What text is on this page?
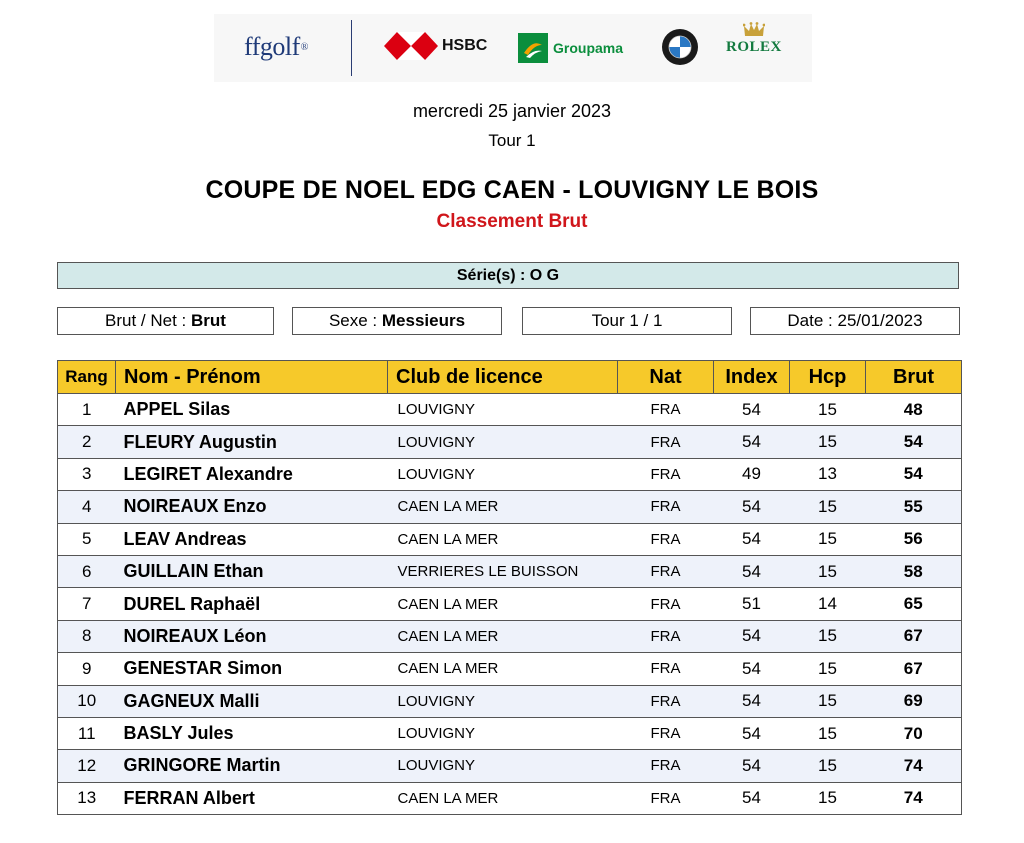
ffgolf ®	HSBC	Groupama	ROLEX
mercredi 25 janvier 2023
Tour 1
COUPE DE NOEL EDG CAEN - LOUVIGNY LE BOIS
Classement Brut
Série(s) : O G
Brut / Net : Brut	Sexe : Messieurs	Tour 1 / 1	Date : 25/01/2023
Rang	Nom - Prénom	Club de licence	Nat	Index	Hcp	Brut
1	APPEL Silas	LOUVIGNY	FRA	54	15	48
2	FLEURY Augustin	LOUVIGNY	FRA	54	15	54
3	LEGIRET Alexandre	LOUVIGNY	FRA	49	13	54
4	NOIREAUX Enzo	CAEN LA MER	FRA	54	15	55
5	LEAV Andreas	CAEN LA MER	FRA	54	15	56
6	GUILLAIN Ethan	VERRIERES LE BUISSON	FRA	54	15	58
7	DUREL Raphaël	CAEN LA MER	FRA	51	14	65
8	NOIREAUX Léon	CAEN LA MER	FRA	54	15	67
9	GENESTAR Simon	CAEN LA MER	FRA	54	15	67
10	GAGNEUX Malli	LOUVIGNY	FRA	54	15	69
11	BASLY Jules	LOUVIGNY	FRA	54	15	70
12	GRINGORE Martin	LOUVIGNY	FRA	54	15	74
13	FERRAN Albert	CAEN LA MER	FRA	54	15	74
